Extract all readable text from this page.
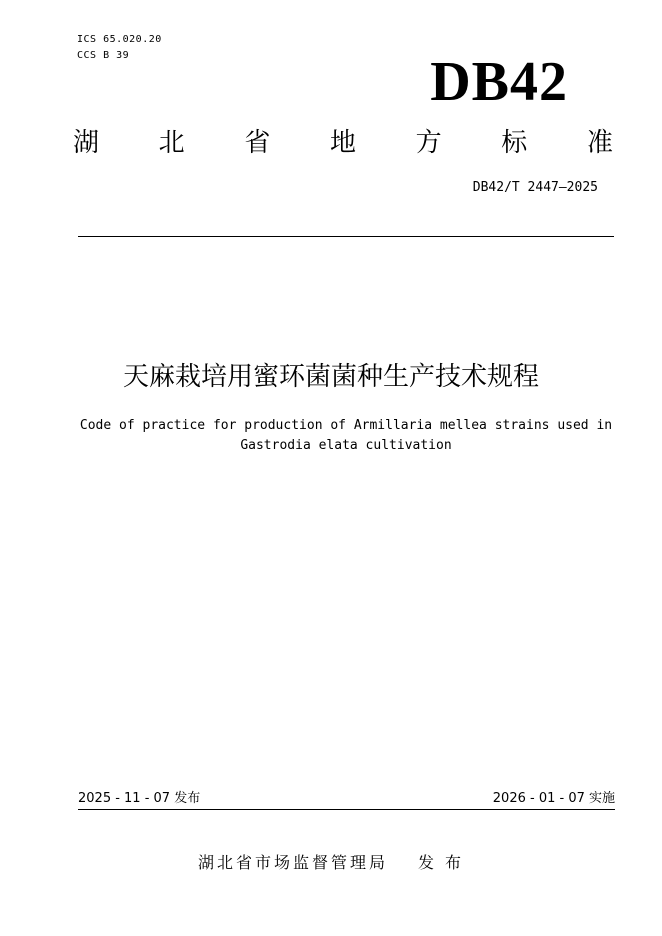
ICS 65.020.20
CCS B 39	DB42
湖 北 省 地 方 标 准
DB42/T 2447—2025
天麻栽培用蜜环菌菌种生产技术规程
Code of practice for production of Armillaria mellea strains used in
Gastrodia elata cultivation
2025 - 11 - 07 发布	2026 - 01 - 07 实施
湖北省市场监督管理局 发 布
